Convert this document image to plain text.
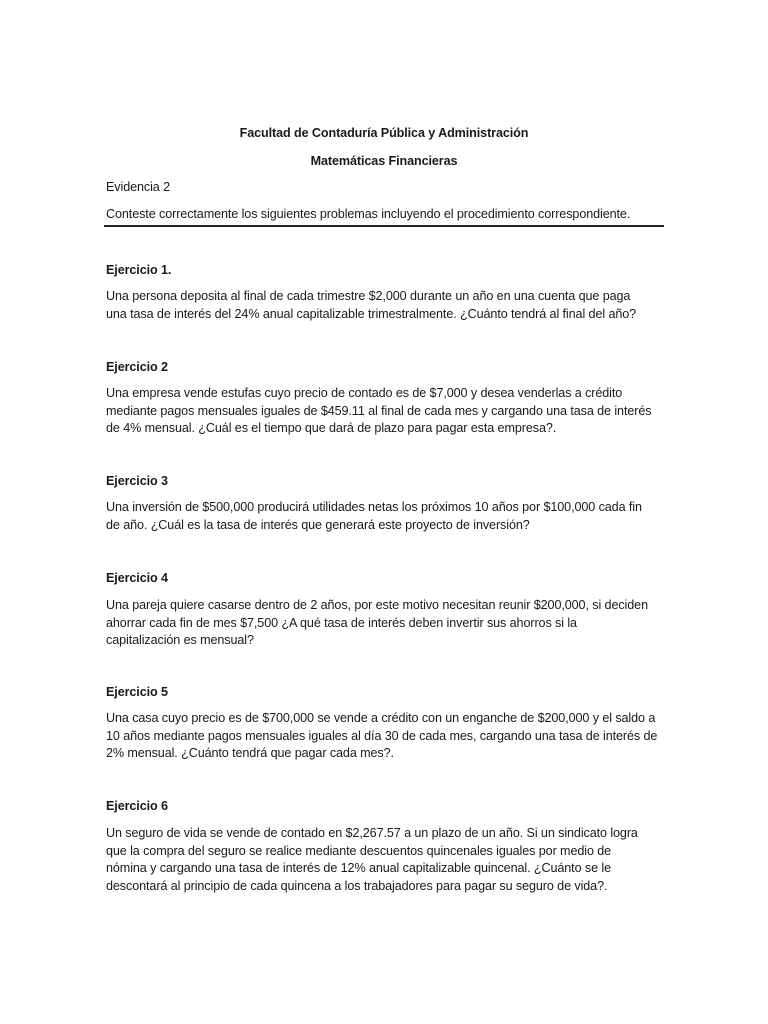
Facultad de Contaduría Pública y Administración
Matemáticas Financieras
Evidencia 2
Conteste correctamente los siguientes problemas incluyendo el procedimiento correspondiente.
Ejercicio 1.
Una persona deposita al final de cada trimestre $2,000 durante un año en una cuenta que paga
una tasa de interés del 24% anual capitalizable trimestralmente. ¿Cuánto tendrá al final del año?
Ejercicio 2
Una empresa vende estufas cuyo precio de contado es de $7,000 y desea venderlas a crédito
mediante pagos mensuales iguales de $459.11 al final de cada mes y cargando una tasa de interés
de 4% mensual. ¿Cuál es el tiempo que dará de plazo para pagar esta empresa?.
Ejercicio 3
Una inversión de $500,000 producirá utilidades netas los próximos 10 años por $100,000 cada fin
de año. ¿Cuál es la tasa de interés que generará este proyecto de inversión?
Ejercicio 4
Una pareja quiere casarse dentro de 2 años, por este motivo necesitan reunir $200,000, si deciden
ahorrar cada fin de mes $7,500 ¿A qué tasa de interés deben invertir sus ahorros si la
capitalización es mensual?
Ejercicio 5
Una casa cuyo precio es de $700,000 se vende a crédito con un enganche de $200,000 y el saldo a
10 años mediante pagos mensuales iguales al día 30 de cada mes, cargando una tasa de interés de
2% mensual. ¿Cuánto tendrá que pagar cada mes?.
Ejercicio 6
Un seguro de vida se vende de contado en $2,267.57 a un plazo de un año. Si un sindicato logra
que la compra del seguro se realice mediante descuentos quincenales iguales por medio de
nómina y cargando una tasa de interés de 12% anual capitalizable quincenal. ¿Cuánto se le
descontará al principio de cada quincena a los trabajadores para pagar su seguro de vida?.
